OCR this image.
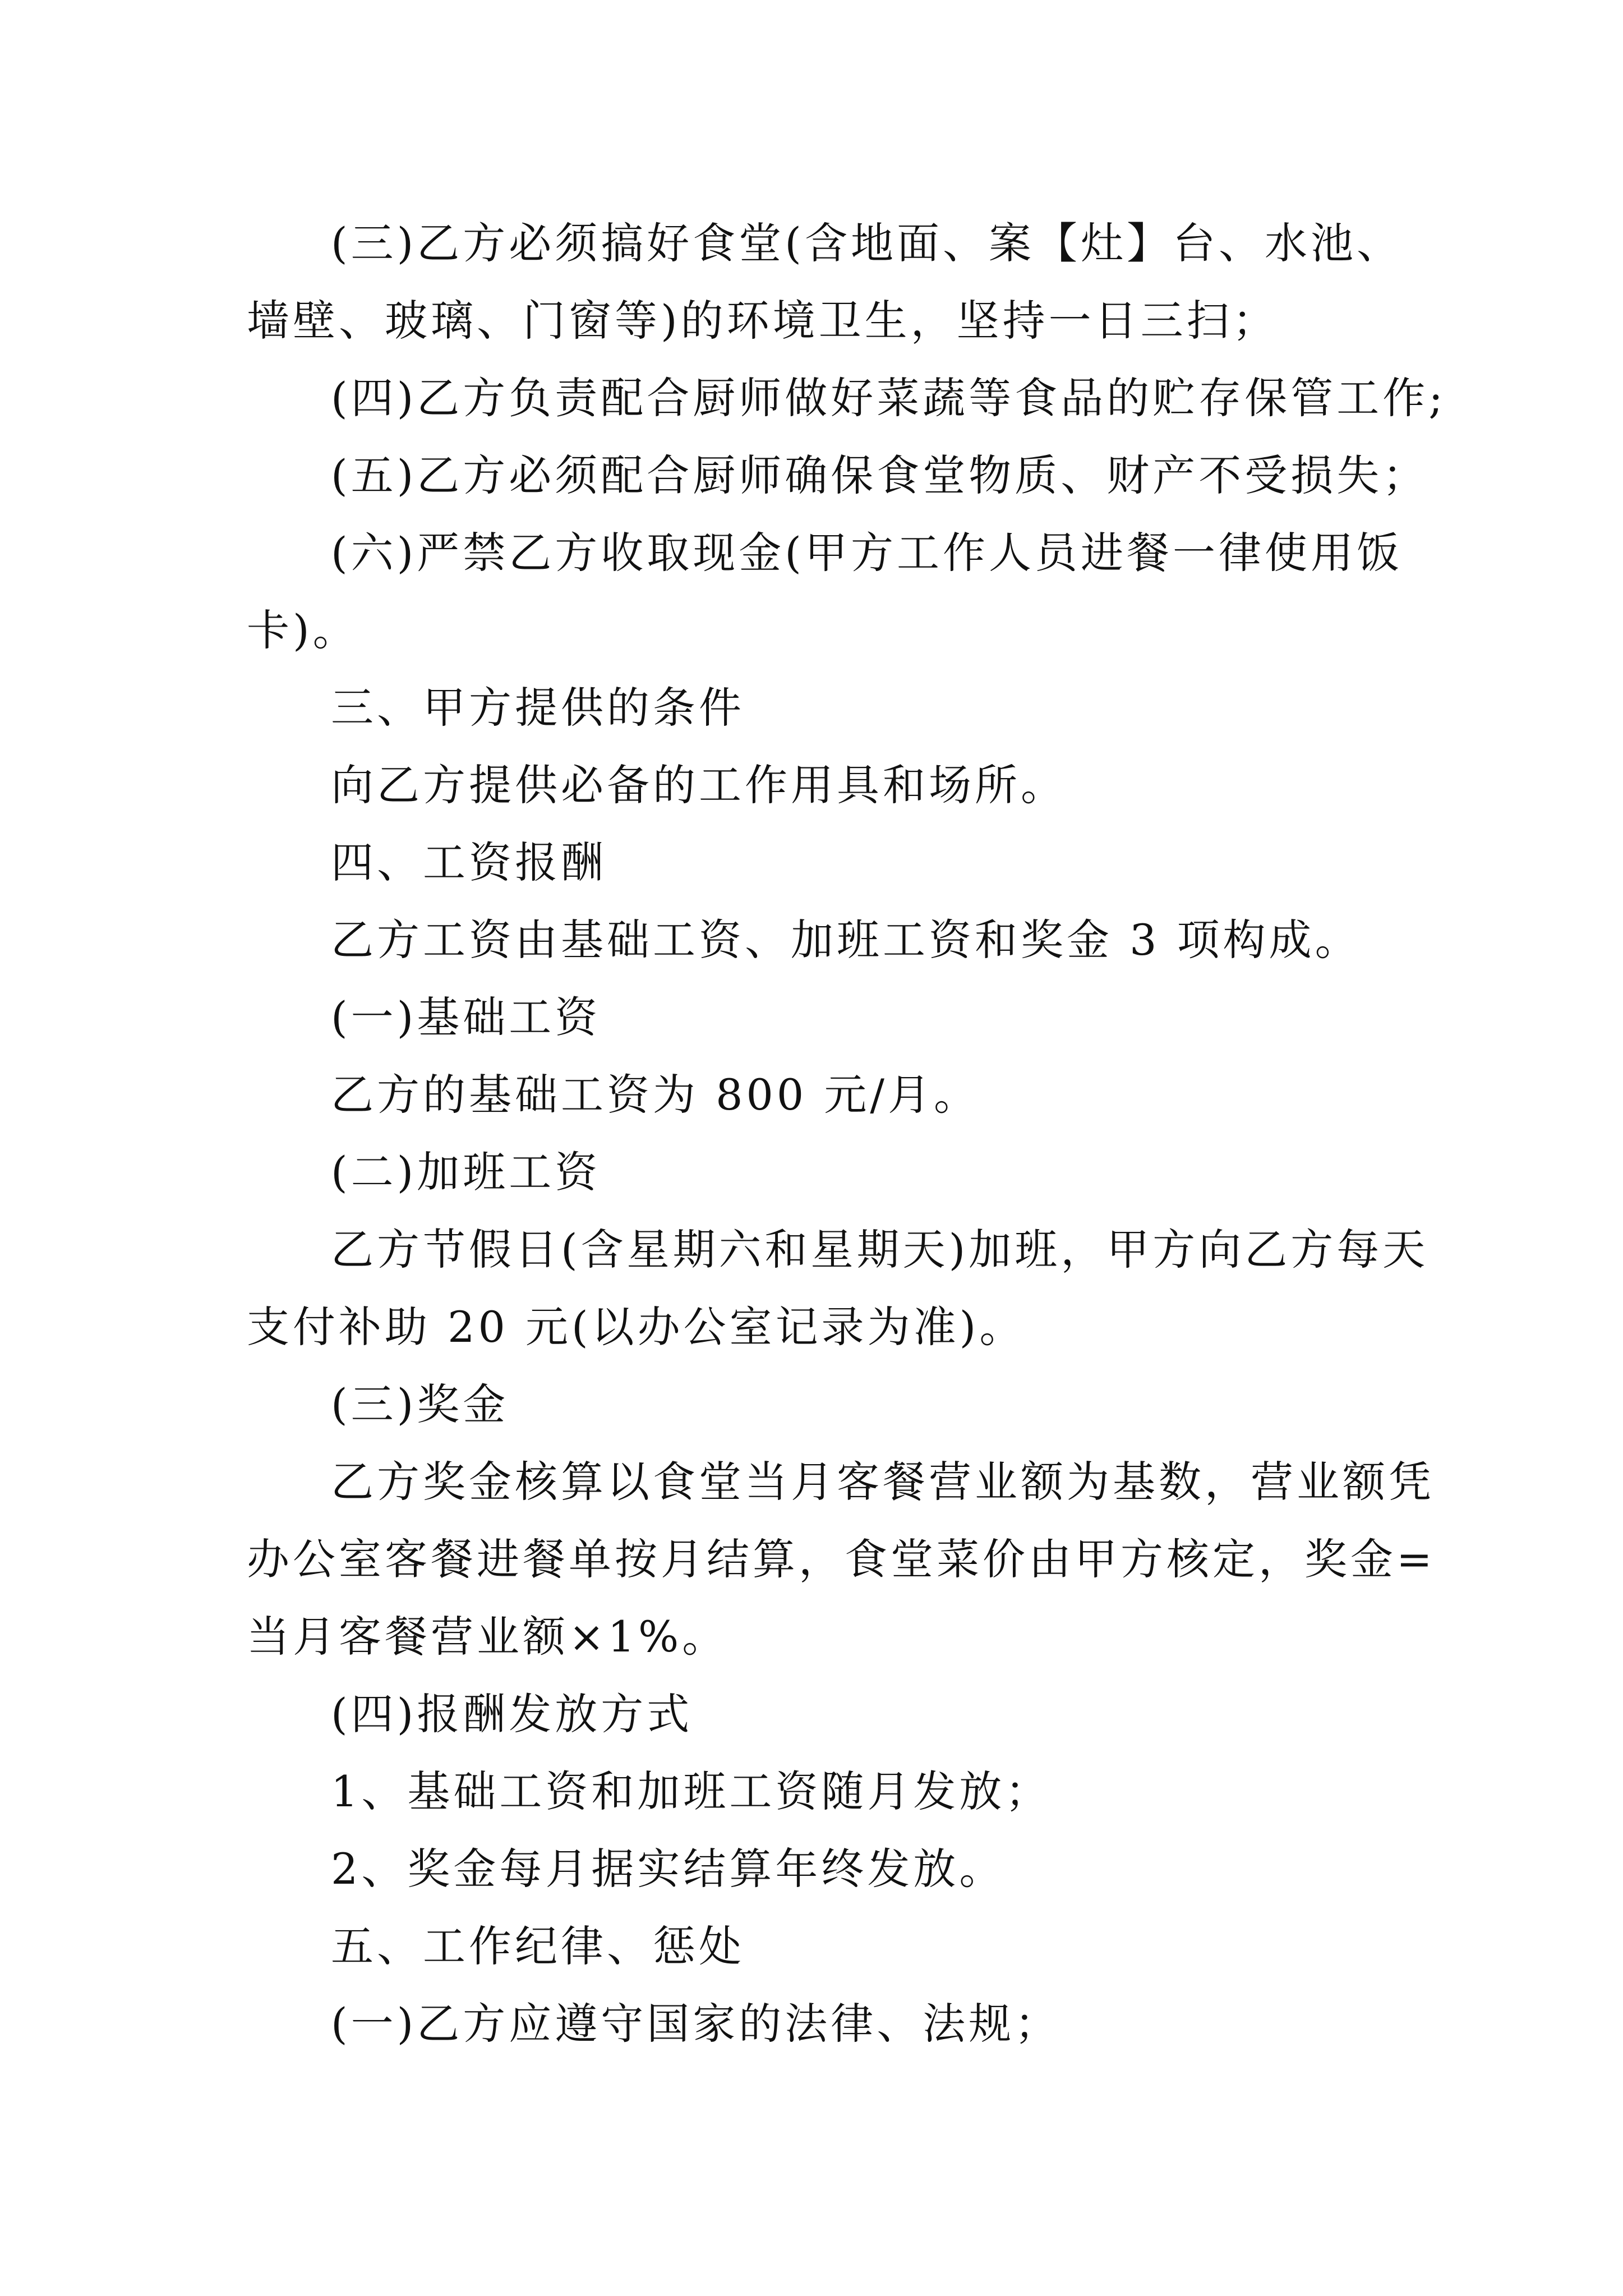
(三)乙方必须搞好食堂(含地面、案【灶】台、水池、
墙壁、玻璃、门窗等)的环境卫生，坚持一日三扫；
(四)乙方负责配合厨师做好菜蔬等食品的贮存保管工作;
(五)乙方必须配合厨师确保食堂物质、财产不受损失；
(六)严禁乙方收取现金(甲方工作人员进餐一律使用饭
卡)。
三、甲方提供的条件
向乙方提供必备的工作用具和场所。
四、工资报酬
乙方工资由基础工资、加班工资和奖金 3 项构成。
(一)基础工资
乙方的基础工资为 800 元/月。
(二)加班工资
乙方节假日(含星期六和星期天)加班，甲方向乙方每天
支付补助 20 元(以办公室记录为准)。
(三)奖金
乙方奖金核算以食堂当月客餐营业额为基数，营业额凭
办公室客餐进餐单按月结算，食堂菜价由甲方核定，奖金=
当月客餐营业额×1%。
(四)报酬发放方式
1、基础工资和加班工资随月发放；
2、奖金每月据实结算年终发放。
五、工作纪律、惩处
(一)乙方应遵守国家的法律、法规；
